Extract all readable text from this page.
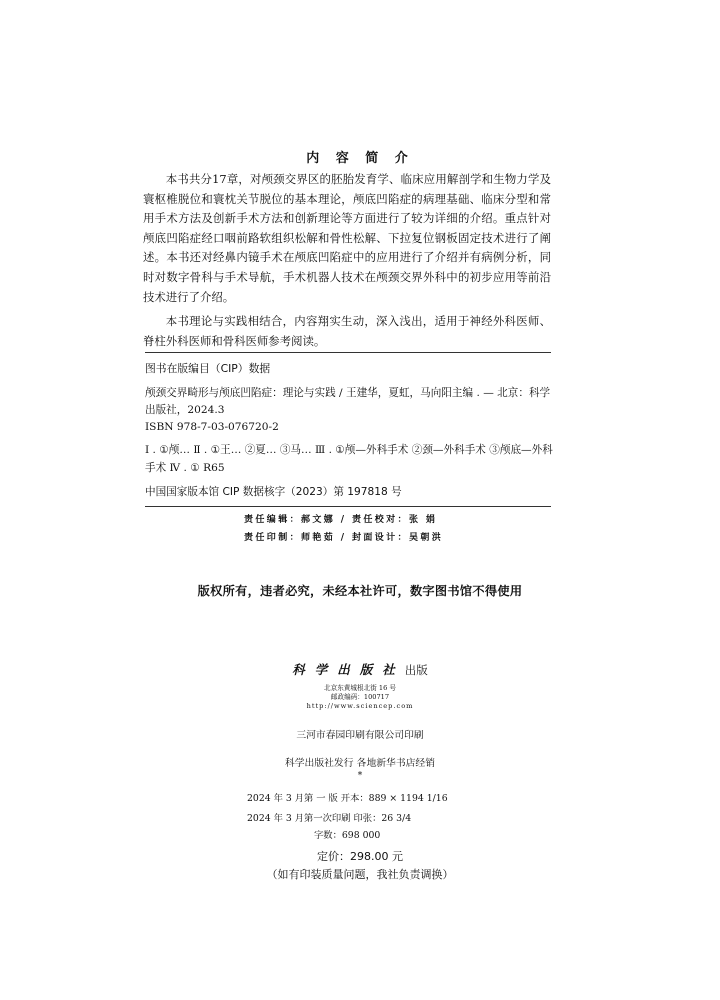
内 容 简 介

本书共分17章，对颅颈交界区的胚胎发育学、临床应用解剖学和生物力学及寰枢椎脱位和寰枕关节脱位的基本理论，颅底凹陷症的病理基础、临床分型和常用手术方法及创新手术方法和创新理论等方面进行了较为详细的介绍。重点针对颅底凹陷症经口咽前路软组织松解和骨性松解、下拉复位钢板固定技术进行了阐述。本书还对经鼻内镜手术在颅底凹陷症中的应用进行了介绍并有病例分析，同时对数字骨科与手术导航，手术机器人技术在颅颈交界外科中的初步应用等前沿技术进行了介绍。

本书理论与实践相结合，内容翔实生动，深入浅出，适用于神经外科医师、脊柱外科医师和骨科医师参考阅读。

图书在版编目（CIP）数据
颅颈交界畸形与颅底凹陷症：理论与实践 / 王建华，夏虹，马向阳主编 . — 北京：科学出版社，2024.3
ISBN 978-7-03-076720-2
Ⅰ . ①颅… Ⅱ . ①王… ②夏… ③马… Ⅲ . ①颅—外科手术 ②颈—外科手术 ③颅底—外科手术 Ⅳ . ① R65
中国国家版本馆 CIP 数据核字（2023）第 197818 号
责任编辑：郝文娜 / 责任校对：张 娟
责任印制：师艳茹 / 封面设计：吴朝洪
版权所有，违者必究，未经本社许可，数字图书馆不得使用
科学出版社出版
北京东黄城根北街 16 号
邮政编码：100717
http://www.sciencep.com
三河市春园印刷有限公司印刷
科学出版社发行 各地新华书店经销
*
2024 年 3 月第 一 版 开本：889 × 1194 1/16
2024 年 3 月第一次印刷 印张：26 3/4
字数：698 000
定价：298.00 元
（如有印装质量问题，我社负责调换）
